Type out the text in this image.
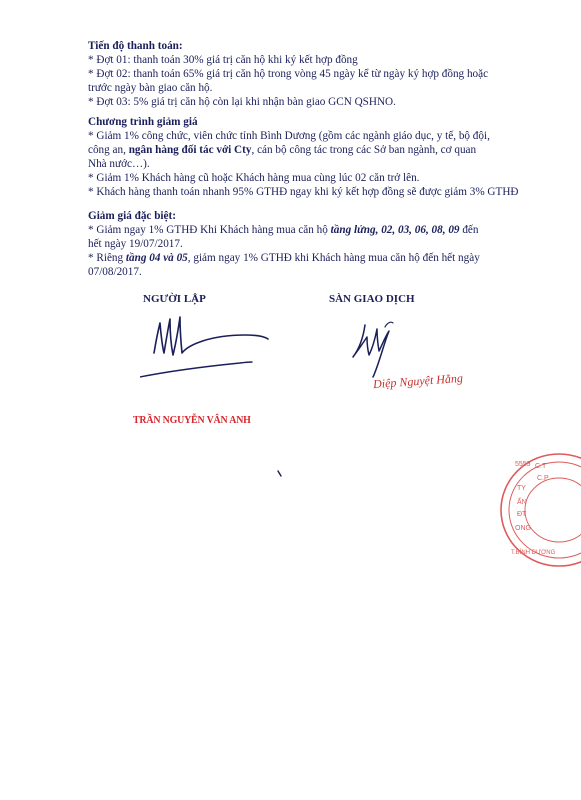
Tiến độ thanh toán:
* Đợt 01: thanh toán 30% giá trị căn hộ khi ký kết hợp đồng
* Đợt 02: thanh toán 65% giá trị căn hộ trong vòng 45 ngày kể từ ngày ký hợp đồng hoặc
trước ngày bàn giao căn hộ.
* Đợt 03: 5% giá trị căn hộ còn lại khi nhận bàn giao GCN QSHNO.
Chương trình giảm giá
* Giảm 1% công chức, viên chức tỉnh Bình Dương (gồm các ngành giáo dục, y tế, bộ đội,
công an, ngân hàng đối tác với Cty, cán bộ công tác trong các Sở ban ngành, cơ quan
Nhà nước…).
* Giảm 1% Khách hàng cũ hoặc Khách hàng mua cùng lúc 02 căn trở lên.
* Khách hàng thanh toán nhanh 95% GTHĐ ngay khi ký kết hợp đồng sẽ được giảm 3% GTHĐ
Giảm giá đặc biệt:
* Giảm ngay 1% GTHĐ Khi Khách hàng mua căn hộ tầng lửng, 02, 03, 06, 08, 09 đến
hết ngày 19/07/2017.
* Riêng tầng 04 và 05, giảm ngay 1% GTHĐ khi Khách hàng mua căn hộ đến hết ngày
07/08/2017.
NGƯỜI LẬP	SÀN GIAO DỊCH
TRẦN NGUYỄN VÂN ANH
Diệp Nguyệt Hằng
5553 C.T
C.P
TY
ẤN
ĐT
ONG
T.BÌNH DƯƠNG
